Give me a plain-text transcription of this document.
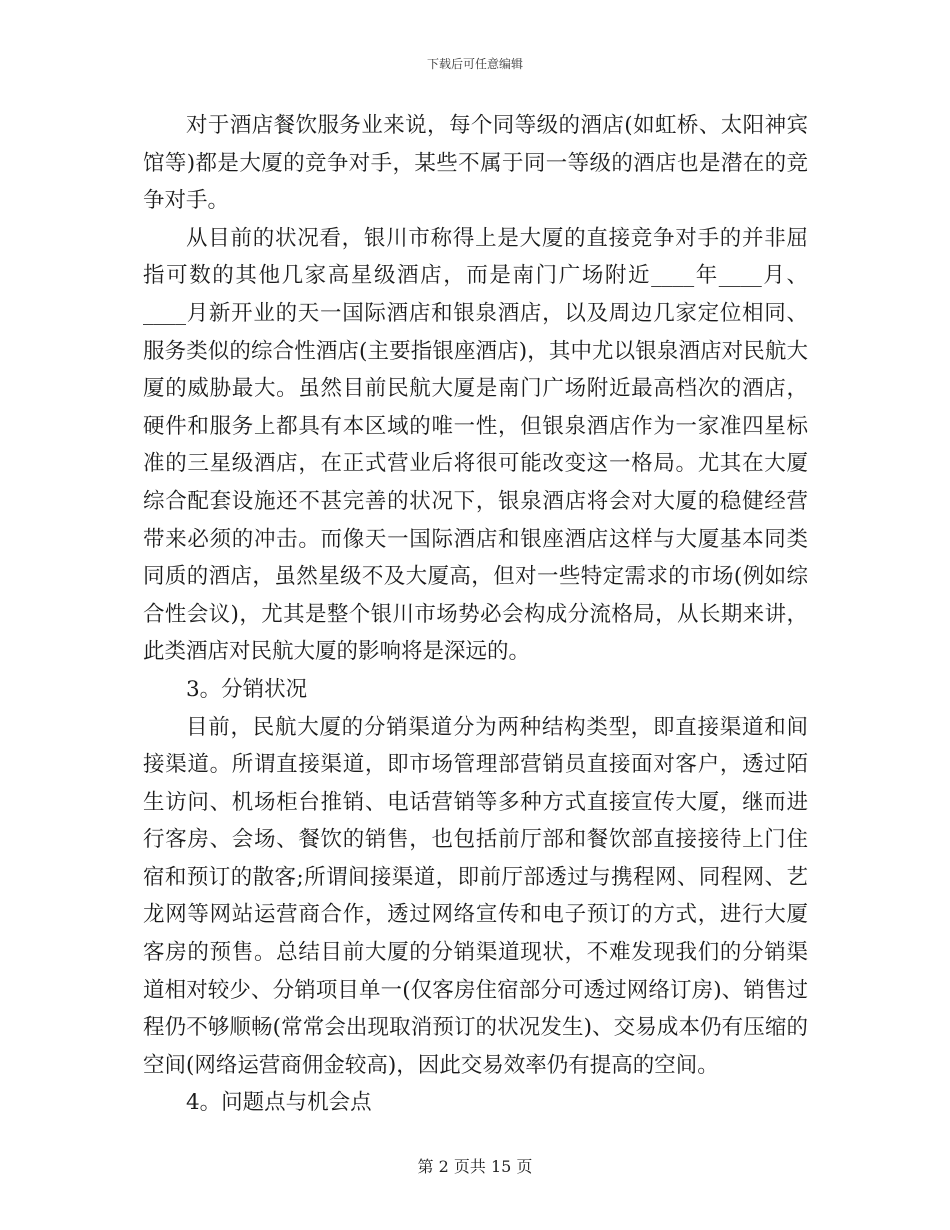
下载后可任意编辑

对于酒店餐饮服务业来说，每个同等级的酒店(如虹桥、太阳神宾馆等)都是大厦的竞争对手，某些不属于同一等级的酒店也是潜在的竞争对手。

从目前的状况看，银川市称得上是大厦的直接竞争对手的并非屈指可数的其他几家高星级酒店，而是南门广场附近____年____月、____月新开业的天一国际酒店和银泉酒店，以及周边几家定位相同、服务类似的综合性酒店(主要指银座酒店)，其中尤以银泉酒店对民航大厦的威胁最大。虽然目前民航大厦是南门广场附近最高档次的酒店，硬件和服务上都具有本区域的唯一性，但银泉酒店作为一家准四星标准的三星级酒店，在正式营业后将很可能改变这一格局。尤其在大厦综合配套设施还不甚完善的状况下，银泉酒店将会对大厦的稳健经营带来必须的冲击。而像天一国际酒店和银座酒店这样与大厦基本同类同质的酒店，虽然星级不及大厦高，但对一些特定需求的市场(例如综合性会议)，尤其是整个银川市场势必会构成分流格局，从长期来讲，此类酒店对民航大厦的影响将是深远的。

3。分销状况

目前，民航大厦的分销渠道分为两种结构类型，即直接渠道和间接渠道。所谓直接渠道，即市场管理部营销员直接面对客户，透过陌生访问、机场柜台推销、电话营销等多种方式直接宣传大厦，继而进行客房、会场、餐饮的销售，也包括前厅部和餐饮部直接接待上门住宿和预订的散客;所谓间接渠道，即前厅部透过与携程网、同程网、艺龙网等网站运营商合作，透过网络宣传和电子预订的方式，进行大厦客房的预售。总结目前大厦的分销渠道现状，不难发现我们的分销渠道相对较少、分销项目单一(仅客房住宿部分可透过网络订房)、销售过程仍不够顺畅(常常会出现取消预订的状况发生)、交易成本仍有压缩的空间(网络运营商佣金较高)，因此交易效率仍有提高的空间。

4。问题点与机会点

第 2 页共 15 页
